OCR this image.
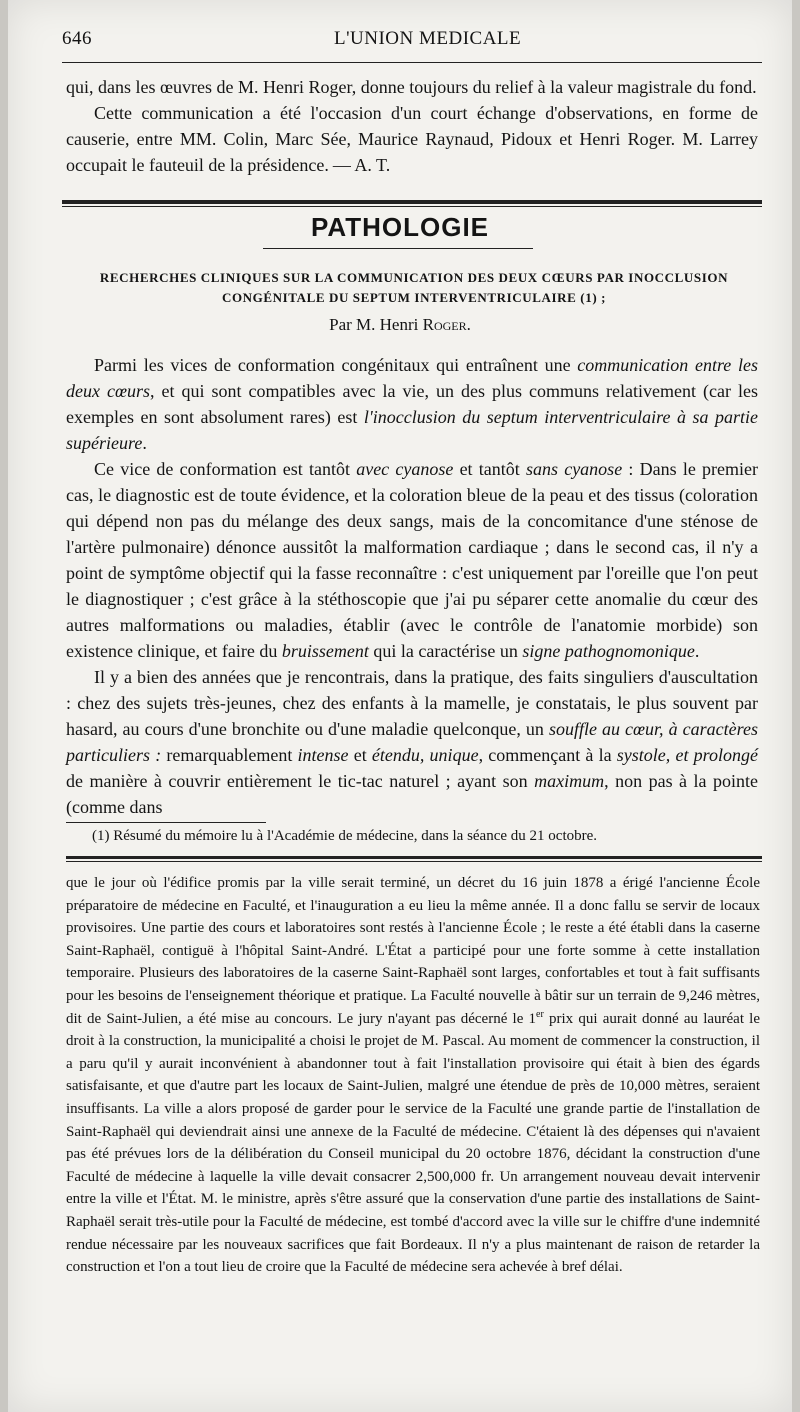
646	L'UNION MEDICALE

qui, dans les œuvres de M. Henri Roger, donne toujours du relief à la valeur magistrale du fond.

Cette communication a été l'occasion d'un court échange d'observations, en forme de causerie, entre MM. Colin, Marc Sée, Maurice Raynaud, Pidoux et Henri Roger. M. Larrey occupait le fauteuil de la présidence. — A. T.

PATHOLOGIE
RECHERCHES CLINIQUES SUR LA COMMUNICATION DES DEUX CŒURS PAR INOCCLUSION
CONGÉNITALE DU SEPTUM INTERVENTRICULAIRE (1) ;
Par M. Henri Roger.

Parmi les vices de conformation congénitaux qui entraînent une communication entre les deux cœurs, et qui sont compatibles avec la vie, un des plus communs relativement (car les exemples en sont absolument rares) est l'inocclusion du septum interventriculaire à sa partie supérieure.

Ce vice de conformation est tantôt avec cyanose et tantôt sans cyanose : Dans le premier cas, le diagnostic est de toute évidence, et la coloration bleue de la peau et des tissus (coloration qui dépend non pas du mélange des deux sangs, mais de la concomitance d'une sténose de l'artère pulmonaire) dénonce aussitôt la malformation cardiaque ; dans le second cas, il n'y a point de symptôme objectif qui la fasse reconnaître : c'est uniquement par l'oreille que l'on peut le diagnostiquer ; c'est grâce à la stéthoscopie que j'ai pu séparer cette anomalie du cœur des autres malformations ou maladies, établir (avec le contrôle de l'anatomie morbide) son existence clinique, et faire du bruissement qui la caractérise un signe pathognomonique.

Il y a bien des années que je rencontrais, dans la pratique, des faits singuliers d'auscultation : chez des sujets très-jeunes, chez des enfants à la mamelle, je constatais, le plus souvent par hasard, au cours d'une bronchite ou d'une maladie quelconque, un souffle au cœur, à caractères particuliers : remarquablement intense et étendu, unique, commençant à la systole, et prolongé de manière à couvrir entièrement le tic-tac naturel ; ayant son maximum, non pas à la pointe (comme dans

(1) Résumé du mémoire lu à l'Académie de médecine, dans la séance du 21 octobre.

que le jour où l'édifice promis par la ville serait terminé, un décret du 16 juin 1878 a érigé l'ancienne École préparatoire de médecine en Faculté, et l'inauguration a eu lieu la même année. Il a donc fallu se servir de locaux provisoires. Une partie des cours et laboratoires sont restés à l'ancienne École ; le reste a été établi dans la caserne Saint-Raphaël, contiguë à l'hôpital Saint-André. L'État a participé pour une forte somme à cette installation temporaire. Plusieurs des laboratoires de la caserne Saint-Raphaël sont larges, confortables et tout à fait suffisants pour les besoins de l'enseignement théorique et pratique. La Faculté nouvelle à bâtir sur un terrain de 9,246 mètres, dit de Saint-Julien, a été mise au concours. Le jury n'ayant pas décerné le 1er prix qui aurait donné au lauréat le droit à la construction, la municipalité a choisi le projet de M. Pascal. Au moment de commencer la construction, il a paru qu'il y aurait inconvénient à abandonner tout à fait l'installation provisoire qui était à bien des égards satisfaisante, et que d'autre part les locaux de Saint-Julien, malgré une étendue de près de 10,000 mètres, seraient insuffisants. La ville a alors proposé de garder pour le service de la Faculté une grande partie de l'installation de Saint-Raphaël qui deviendrait ainsi une annexe de la Faculté de médecine. C'étaient là des dépenses qui n'avaient pas été prévues lors de la délibération du Conseil municipal du 20 octobre 1876, décidant la construction d'une Faculté de médecine à laquelle la ville devait consacrer 2,500,000 fr. Un arrangement nouveau devait intervenir entre la ville et l'État. M. le ministre, après s'être assuré que la conservation d'une partie des installations de Saint-Raphaël serait très-utile pour la Faculté de médecine, est tombé d'accord avec la ville sur le chiffre d'une indemnité rendue nécessaire par les nouveaux sacrifices que fait Bordeaux. Il n'y a plus maintenant de raison de retarder la construction et l'on a tout lieu de croire que la Faculté de médecine sera achevée à bref délai.
